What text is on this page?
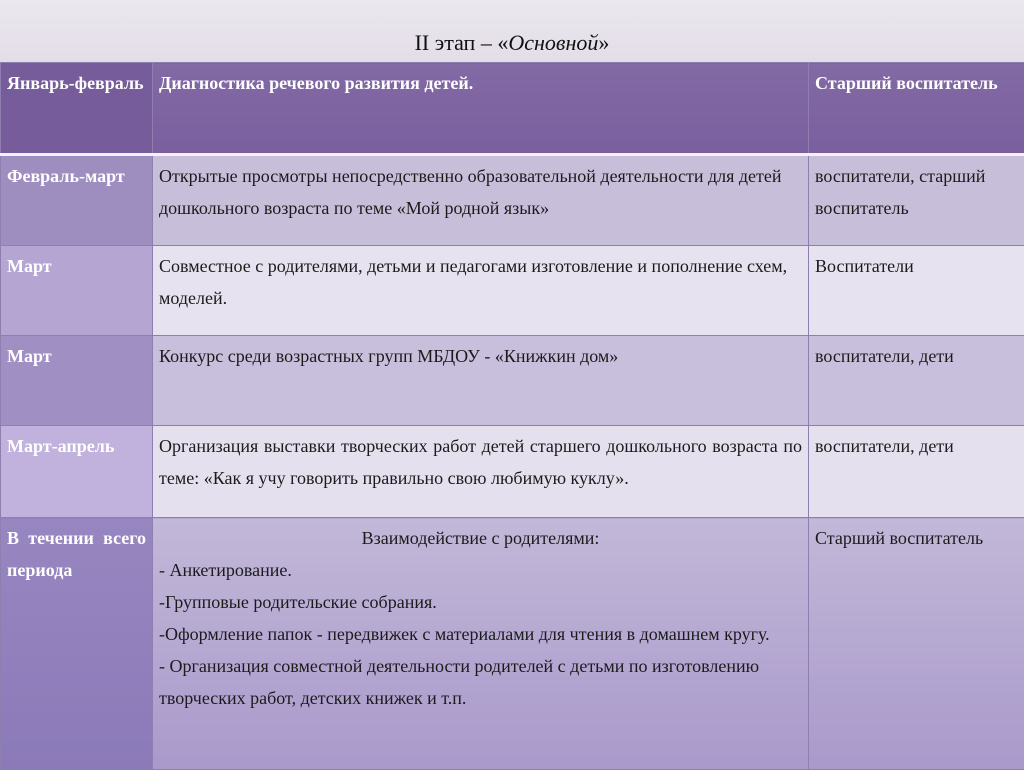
II этап – «Основной»
Январь-февраль	Диагностика речевого развития детей.	Старший воспитатель
Февраль-март	Открытые просмотры непосредственно образовательной деятельности для детей дошкольного возраста по теме «Мой родной язык»	воспитатели, старший воспитатель
Март	Совместное с родителями, детьми и педагогами изготовление и пополнение схем, моделей.	Воспитатели
Март	Конкурс среди возрастных групп МБДОУ - «Книжкин дом»	воспитатели, дети
Март-апрель	Организация выставки творческих работ детей старшего дошкольного возраста по теме: «Как я учу говорить правильно свою любимую куклу».	воспитатели, дети
В течении всего периода	Взаимодействие с родителями:
- Анкетирование.
-Групповые родительские собрания.
-Оформление папок - передвижек с материалами для чтения в домашнем кругу.
- Организация совместной деятельности родителей с детьми по изготовлению творческих работ, детских книжек и т.п.	Старший воспитатель
